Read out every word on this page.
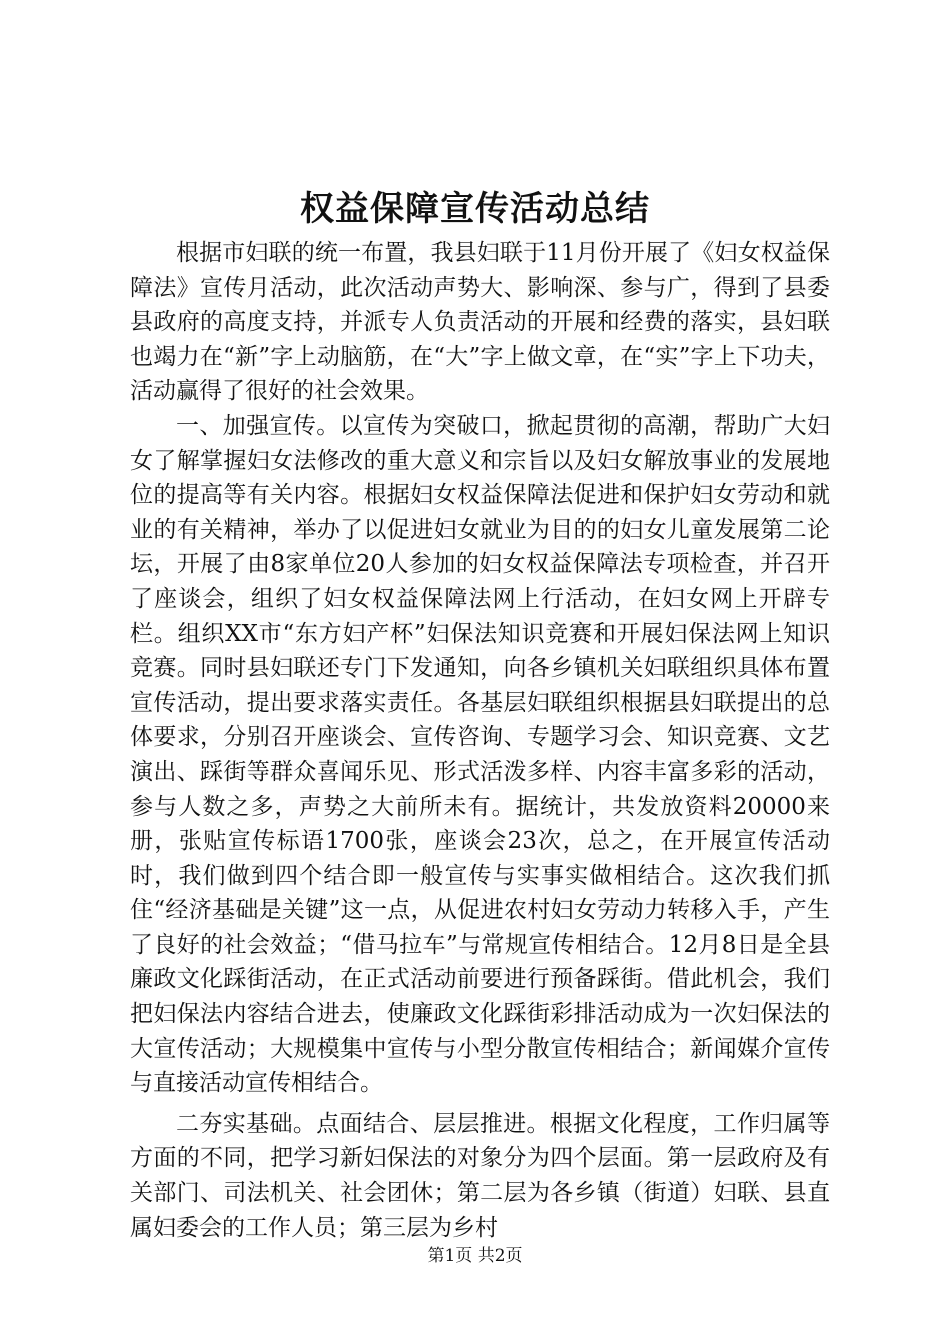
权益保障宣传活动总结

根据市妇联的统一布置，我县妇联于11月份开展了《妇女权益保障法》宣传月活动，此次活动声势大、影响深、参与广，得到了县委县政府的高度支持，并派专人负责活动的开展和经费的落实，县妇联也竭力在“新”字上动脑筋，在“大”字上做文章，在“实”字上下功夫，活动赢得了很好的社会效果。

一、加强宣传。以宣传为突破口，掀起贯彻的高潮，帮助广大妇女了解掌握妇女法修改的重大意义和宗旨以及妇女解放事业的发展地位的提高等有关内容。根据妇女权益保障法促进和保护妇女劳动和就业的有关精神，举办了以促进妇女就业为目的的妇女儿童发展第二论坛，开展了由8家单位20人参加的妇女权益保障法专项检查，并召开了座谈会，组织了妇女权益保障法网上行活动，在妇女网上开辟专栏。组织XX市“东方妇产杯”妇保法知识竞赛和开展妇保法网上知识竞赛。同时县妇联还专门下发通知，向各乡镇机关妇联组织具体布置宣传活动，提出要求落实责任。各基层妇联组织根据县妇联提出的总体要求，分别召开座谈会、宣传咨询、专题学习会、知识竞赛、文艺演出、踩街等群众喜闻乐见、形式活泼多样、内容丰富多彩的活动，参与人数之多，声势之大前所未有。据统计，共发放资料20000来册，张贴宣传标语1700张，座谈会23次，总之，在开展宣传活动时，我们做到四个结合即一般宣传与实事实做相结合。这次我们抓住“经济基础是关键”这一点，从促进农村妇女劳动力转移入手，产生了良好的社会效益；“借马拉车”与常规宣传相结合。12月8日是全县廉政文化踩街活动，在正式活动前要进行预备踩街。借此机会，我们把妇保法内容结合进去，使廉政文化踩街彩排活动成为一次妇保法的大宣传活动；大规模集中宣传与小型分散宣传相结合；新闻媒介宣传与直接活动宣传相结合。

二夯实基础。点面结合、层层推进。根据文化程度，工作归属等方面的不同，把学习新妇保法的对象分为四个层面。第一层政府及有关部门、司法机关、社会团休；第二层为各乡镇（街道）妇联、县直属妇委会的工作人员；第三层为乡村

第1页 共2页
